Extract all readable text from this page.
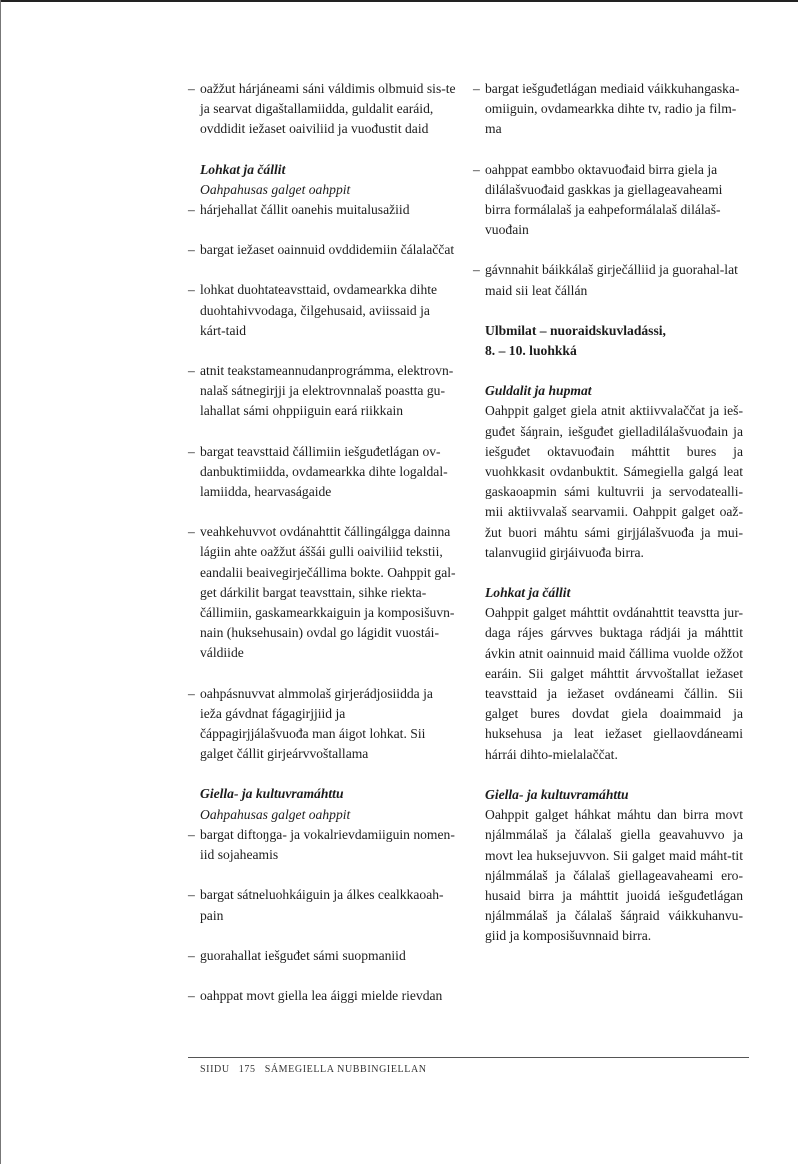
– oažžut hárjáneami sáni váldimis olbmuid sis-te ja searvat digaštallamiidda, guldalit earáid, ovddidit iežaset oaiviliid ja vuođustit daid
Lohkat ja čállit
Oahpahusas galget oahppit
– hárjehallat čállit oanehis muitalusažiid
– bargat iežaset oainnuid ovddidemiin čálalaččat
– lohkat duohtateavsttaid, ovdamearkka dihte duohtahivvodaga, čilgehusaid, aviissaid ja kárt-taid
– atnit teakstameannudanprográmma, elektrovn-nalaš sátnegirjji ja elektrovnnalaš poastta gu-lahallat sámi ohppiiguin eará riikkain
– bargat teavsttaid čállimiin iešguđetlágan ov-danbuktimiidda, ovdamearkka dihte logaldal-lamiidda, hearvaságaide
– veahkehuvvot ovdánahttit čállingálgga dainna lágiin ahte oažžut áššái gulli oaiviliid tekstii, eandalii beaivegirječállima bokte. Oahppit gal-get dárkilit bargat teavsttain, sihke riekta-čállimiin, gaskamearkkaiguin ja komposišuvn-nain (huksehusain) ovdal go lágidit vuostái-váldiide
– oahpásnuvvat almmolaš girjerádjosiidda ja ieža gávdnat fágagirjjiid ja čáppagirjjálašvuođa man áigot lohkat. Sii galget čállit girjeárvvoštallama
Giella- ja kultuvramáhttu
Oahpahusas galget oahppit
– bargat diftoŋga- ja vokalrievdamiiguin nomen-iid sojaheamis
– bargat sátneluohkáiguin ja álkes cealkkaoah-pain
– guorahallat iešguđet sámi suopmaniid
– oahppat movt giella lea áiggi mielde rievdan
– bargat iešguđetlágan mediaid váikkuhangaska-omiiguin, ovdamearkka dihte tv, radio ja film-ma
– oahppat eambbo oktavuođaid birra giela ja dilálašvuođaid gaskkas ja giellageavaheami birra formálalaš ja eahpeformálalaš dilálaš-vuođain
– gávnnahit báikkálaš girječálliid ja guorahal-lat maid sii leat čállán
Ulbmilat – nuoraidskuvladássi,
8. – 10. luohkká
Guldalit ja hupmat
Oahppit galget giela atnit aktiivvalaččat ja ieš-guđet šáŋrain, iešguđet gielladilálašvuođain ja iešguđet oktavuođain máhttit bures ja vuohkkasit ovdanbuktit. Sámegiella galgá leat gaskaoapmin sámi kultuvrii ja servodatealli-mii aktiivvalaš searvamii. Oahppit galget oaž-žut buori máhtu sámi girjjálašvuođa ja mui-talanvugiid girjáivuođa birra.
Lohkat ja čállit
Oahppit galget máhttit ovdánahttit teavstta jur-daga rájes gárvves buktaga rádjái ja máhttit ávkin atnit oainnuid maid čállima vuolde ožžot earáin. Sii galget máhttit árvvoštallat iežaset teavsttaid ja iežaset ovdáneami čállin. Sii galget bures dovdat giela doaimmaid ja huksehusa ja leat iežaset giellaovdáneami hárrái dihto-mielalaččat.
Giella- ja kultuvramáhttu
Oahppit galget háhkat máhtu dan birra movt njálmmálaš ja čálalaš giella geavahuvvo ja movt lea huksejuvvon. Sii galget maid máht-tit njálmmálaš ja čálalaš giellageavaheami ero-husaid birra ja máhttit juoidá iešguđetlágan njálmmálaš ja čálalaš šáŋraid váikkuhanvu-giid ja komposišuvnnaid birra.
SIIDU 175 SÁMEGIELLA NUBBINGIELLAN
